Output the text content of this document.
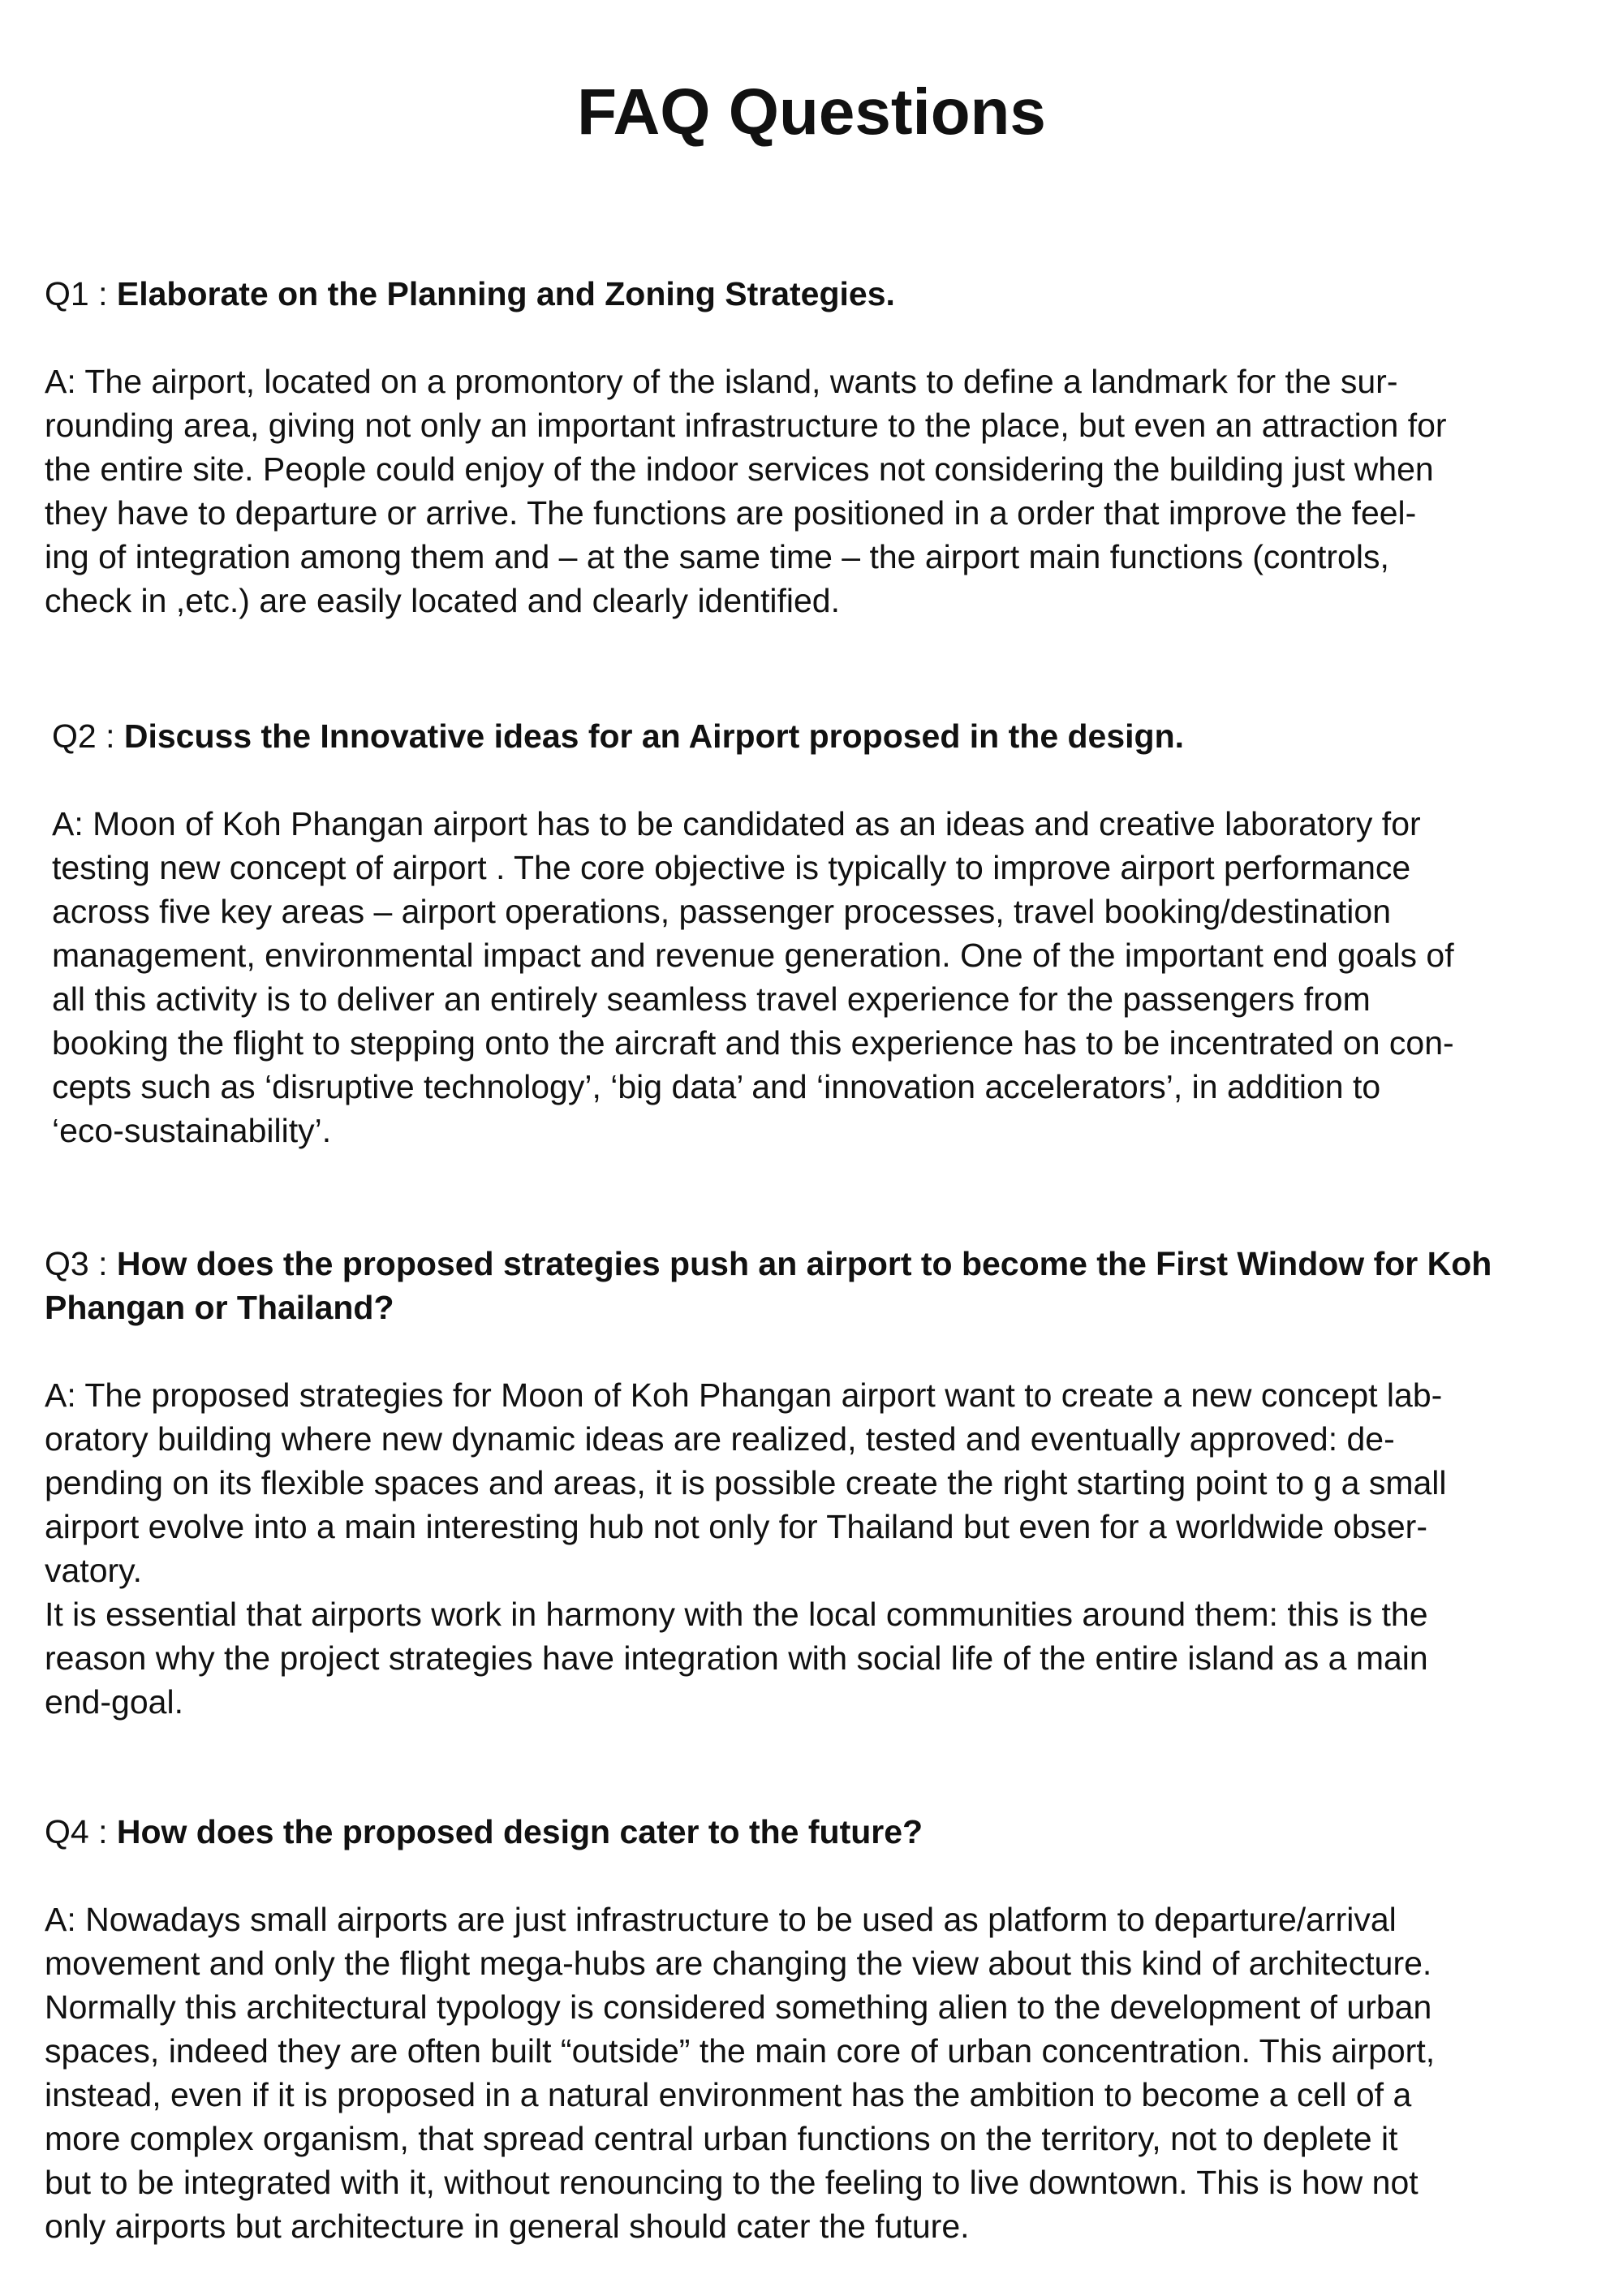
FAQ Questions
Q1 : Elaborate on the Planning and Zoning Strategies.

A: The airport, located on a promontory of the island, wants to define a landmark for the sur-

rounding area, giving not only an important infrastructure to the place, but even an attraction for

the entire site. People could enjoy of the indoor services not considering the building just when

they have to departure or arrive. The functions are positioned in a order that improve the feel-

ing of integration among them and – at the same time – the airport main functions (controls,

check in ,etc.) are easily located and clearly identified.

Q2 : Discuss the Innovative ideas for an Airport proposed in the design.

A: Moon of Koh Phangan airport has to be candidated as an ideas and creative laboratory for

testing new concept of airport . The core objective is typically to improve airport performance

across five key areas – airport operations, passenger processes, travel booking/destination

management, environmental impact and revenue generation. One of the important end goals of

all this activity is to deliver an entirely seamless travel experience for the passengers from

booking the flight to stepping onto the aircraft and this experience has to be incentrated on con-

cepts such as ‘disruptive technology’, ‘big data’ and ‘innovation accelerators’, in addition to

‘eco-sustainability’.

Q3 : How does the proposed strategies push an airport to become the First Window for Koh Phangan or Thailand?

A: The proposed strategies for Moon of Koh Phangan airport want to create a new concept lab-

oratory building where new dynamic ideas are realized, tested and eventually approved: de-

pending on its flexible spaces and areas, it is possible create the right starting point to g a small

airport evolve into a main interesting hub not only for Thailand but even for a worldwide obser-

vatory.

It is essential that airports work in harmony with the local communities around them: this is the

reason why the project strategies have integration with social life of the entire island as a main

end-goal.

Q4 : How does the proposed design cater to the future?

A: Nowadays small airports are just infrastructure to be used as platform to departure/arrival

movement and only the flight mega-hubs are changing the view about this kind of architecture.

Normally this architectural typology is considered something alien to the development of urban

spaces, indeed they are often built “outside” the main core of urban concentration. This airport,

instead, even if it is proposed in a natural environment has the ambition to become a cell of a

more complex organism, that spread central urban functions on the territory, not to deplete it

but to be integrated with it, without renouncing to the feeling to live downtown. This is how not

only airports but architecture in general should cater the future.
